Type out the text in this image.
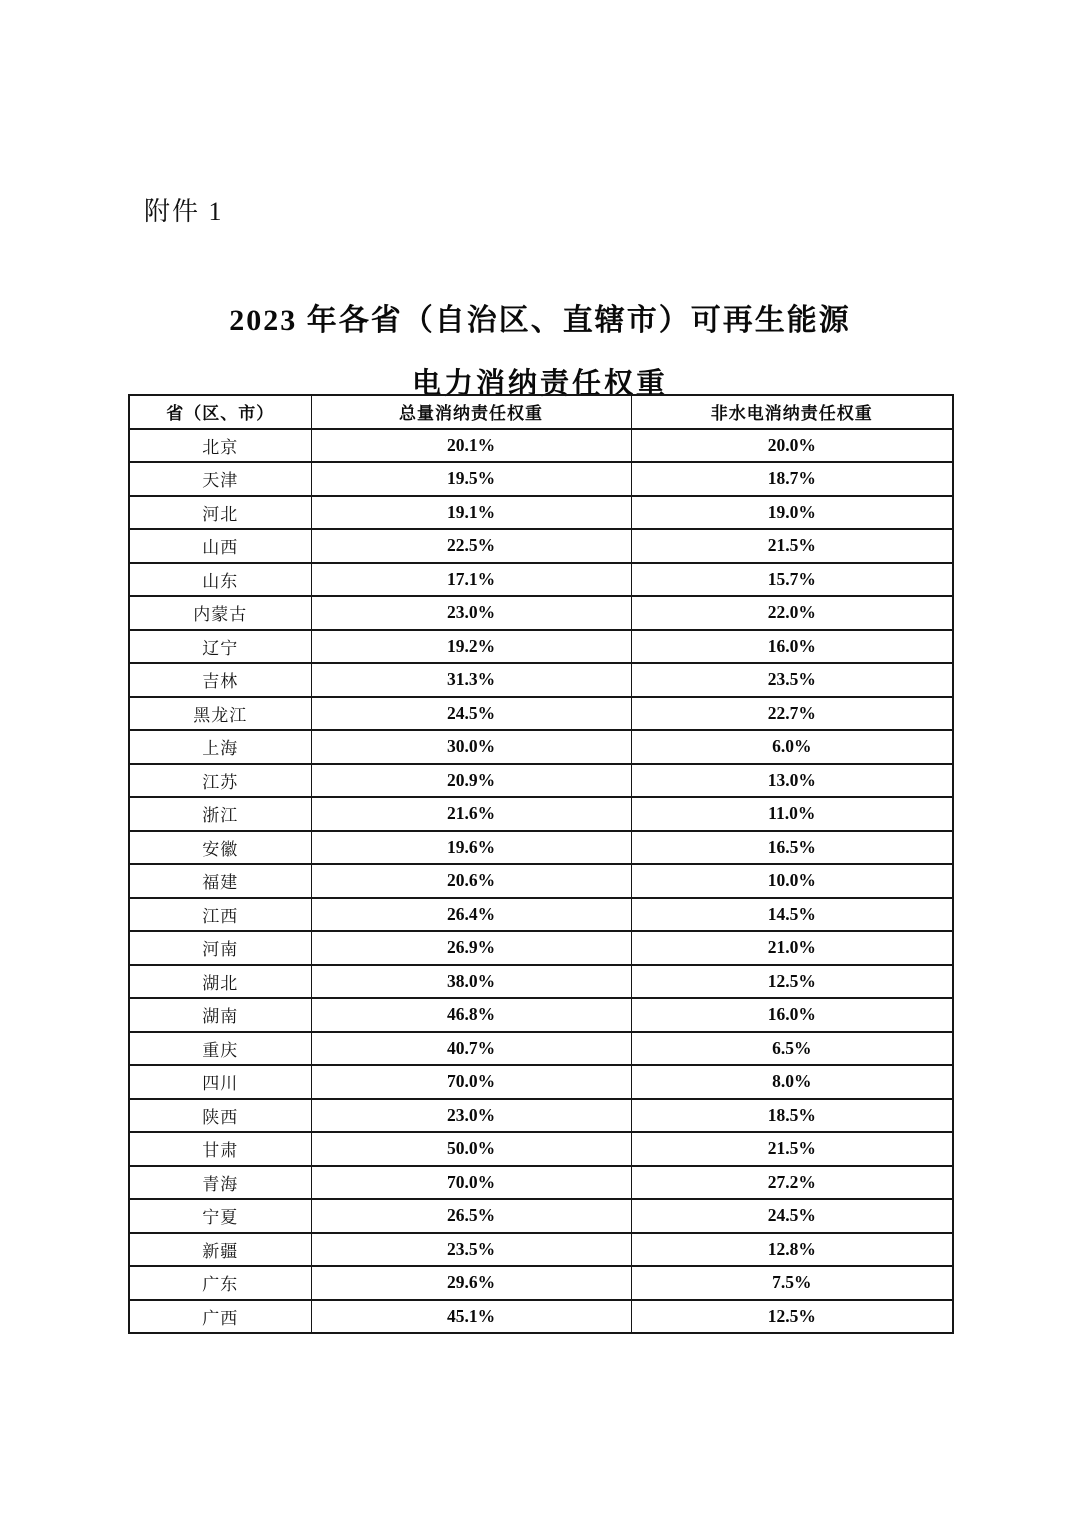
附件 1
2023 年各省（自治区、直辖市）可再生能源
电力消纳责任权重
省（区、市）	总量消纳责任权重	非水电消纳责任权重
北京	20.1%	20.0%
天津	19.5%	18.7%
河北	19.1%	19.0%
山西	22.5%	21.5%
山东	17.1%	15.7%
内蒙古	23.0%	22.0%
辽宁	19.2%	16.0%
吉林	31.3%	23.5%
黑龙江	24.5%	22.7%
上海	30.0%	6.0%
江苏	20.9%	13.0%
浙江	21.6%	11.0%
安徽	19.6%	16.5%
福建	20.6%	10.0%
江西	26.4%	14.5%
河南	26.9%	21.0%
湖北	38.0%	12.5%
湖南	46.8%	16.0%
重庆	40.7%	6.5%
四川	70.0%	8.0%
陕西	23.0%	18.5%
甘肃	50.0%	21.5%
青海	70.0%	27.2%
宁夏	26.5%	24.5%
新疆	23.5%	12.8%
广东	29.6%	7.5%
广西	45.1%	12.5%
